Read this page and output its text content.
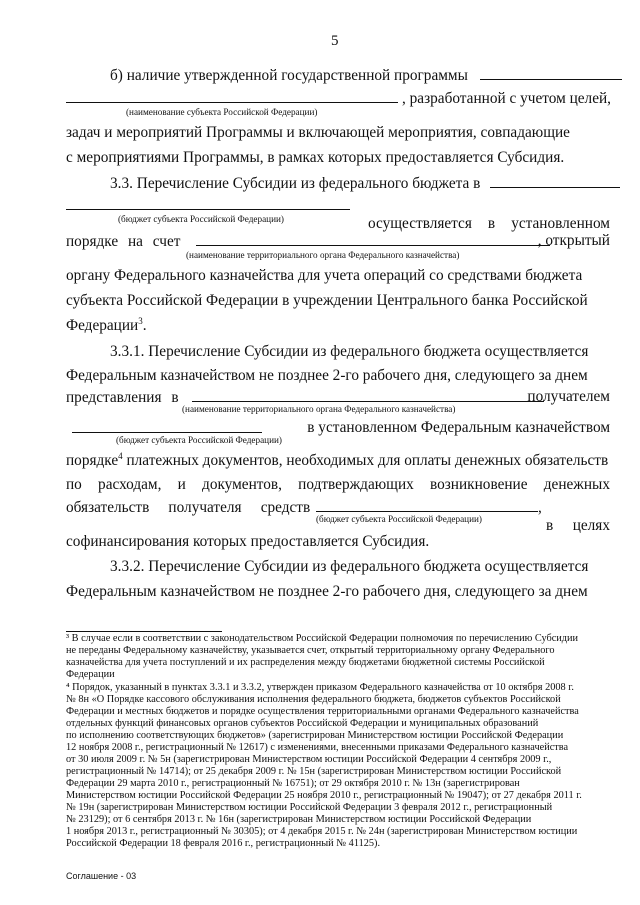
5
б) наличие утвержденной государственной программы
, разработанной с учетом целей,
(наименование субъекта Российской Федерации)
задач и мероприятий Программы и включающей мероприятия, совпадающие
с мероприятиями Программы, в рамках которых предоставляется Субсидия.
3.3. Перечисление Субсидии из федерального бюджета в
осуществляется в установленном
(бюджет субъекта Российской Федерации)
порядке на счет	, открытый
(наименование территориального органа Федерального казначейства)
органу Федерального казначейства для учета операций со средствами бюджета
субъекта Российской Федерации в учреждении Центрального банка Российской
Федерации$^3$.
3.3.1. Перечисление Субсидии из федерального бюджета осуществляется
Федеральным казначейством не позднее 2-го рабочего дня, следующего за днем
представления в	получателем
(наименование территориального органа Федерального казначейства)
в установленном Федеральным казначейством
(бюджет субъекта Российской Федерации)
порядке$^4$ платежных документов, необходимых для оплаты денежных обязательств
по расходам, и документов, подтверждающих возникновение денежных
обязательств     получателя     средств	,
в целях
(бюджет субъекта Российской Федерации)
софинансирования которых предоставляется Субсидия.
3.3.2. Перечисление Субсидии из федерального бюджета осуществляется
Федеральным казначейством не позднее 2-го рабочего дня, следующего за днем
³ В случае если в соответствии с законодательством Российской Федерации полномочия по перечислению Субсидии
не переданы Федеральному казначейству, указывается счет, открытый территориальному органу Федерального
казначейства для учета поступлений и их распределения между бюджетами бюджетной системы Российской
Федерации
⁴ Порядок, указанный в пунктах 3.3.1 и 3.3.2, утвержден приказом Федерального казначейства от 10 октября 2008 г.
№ 8н «О Порядке кассового обслуживания исполнения федерального бюджета, бюджетов субъектов Российской
Федерации и местных бюджетов и порядке осуществления территориальными органами Федерального казначейства
отдельных функций финансовых органов субъектов Российской Федерации и муниципальных образований
по исполнению соответствующих бюджетов» (зарегистрирован Министерством юстиции Российской Федерации
12 ноября 2008 г., регистрационный № 12617) с изменениями, внесенными приказами Федерального казначейства
от 30 июля 2009 г. № 5н (зарегистрирован Министерством юстиции Российской Федерации 4 сентября 2009 г.,
регистрационный № 14714); от 25 декабря 2009 г. № 15н (зарегистрирован Министерством юстиции Российской
Федерации 29 марта 2010 г., регистрационный № 16751); от 29 октября 2010 г. № 13н (зарегистрирован
Министерством юстиции Российской Федерации 25 ноября 2010 г., регистрационный № 19047); от 27 декабря 2011 г.
№ 19н (зарегистрирован Министерством юстиции Российской Федерации 3 февраля 2012 г., регистрационный
№ 23129); от 6 сентября 2013 г. № 16н (зарегистрирован Министерством юстиции Российской Федерации
1 ноября 2013 г., регистрационный № 30305); от 4 декабря 2015 г. № 24н (зарегистрирован Министерством юстиции
Российской Федерации 18 февраля 2016 г., регистрационный № 41125).
Соглашение - 03
